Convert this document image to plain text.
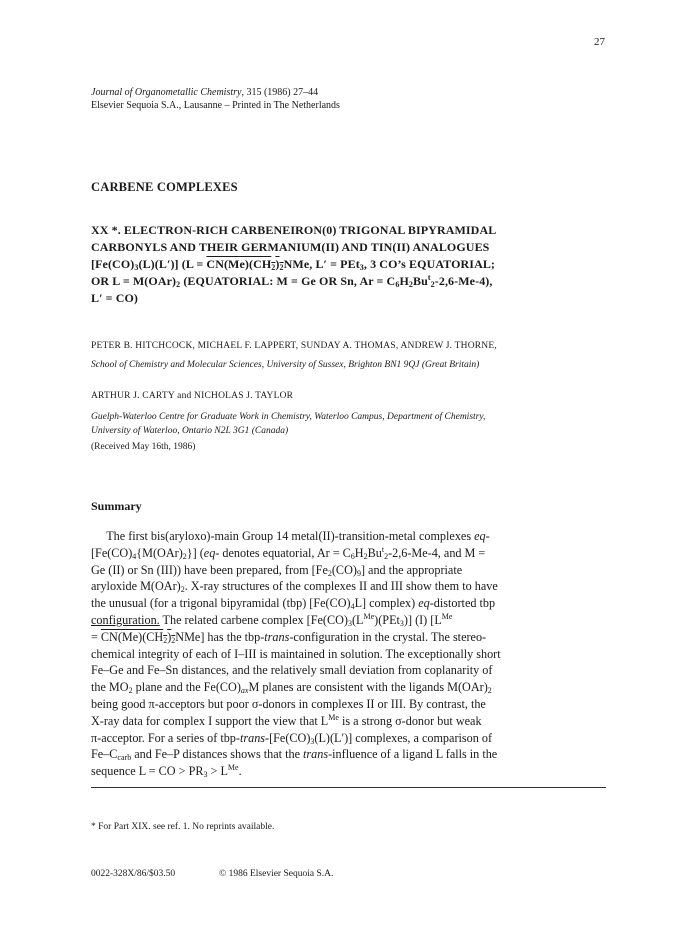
27
Journal of Organometallic Chemistry, 315 (1986) 27–44
Elsevier Sequoia S.A., Lausanne – Printed in The Netherlands
CARBENE COMPLEXES
XX *. ELECTRON-RICH CARBENEIRON(0) TRIGONAL BIPYRAMIDAL
CARBONYLS AND THEIR GERMANIUM(II) AND TIN(II) ANALOGUES
$[Fe(CO)_3(L)(L')] (L = CN(Me)(CH_2)_2NMe$, L′ = PEt$_3$, 3 CO’s EQUATORIAL;
OR $L = M(OAr)_2$ (EQUATORIAL: M = Ge OR Sn, $Ar = C_6H_2Bu^t_2-2,6-Me-4$),
L′ = CO)
PETER B. HITCHCOCK, MICHAEL F. LAPPERT, SUNDAY A. THOMAS, ANDREW J. THORNE,
School of Chemistry and Molecular Sciences, University of Sussex, Brighton BN1 9QJ (Great Britain)
ARTHUR J. CARTY and NICHOLAS J. TAYLOR
Guelph-Waterloo Centre for Graduate Work in Chemistry, Waterloo Campus, Department of Chemistry,
University of Waterloo, Ontario N2L 3G1 (Canada)
(Received May 16th, 1986)
Summary
The first bis(aryloxo)-main Group 14 metal(II)-transition-metal complexes eq-
$[Fe(CO)_4\{M(OAr)_2\}]$ (eq- denotes equatorial, $Ar = C_6H_2Bu^t_2-2,6-Me-4$, and M =
Ge (II) or Sn (III)) have been prepared, from $[Fe_2(CO)_9]$ and the appropriate
aryloxide $M(OAr)_2$. X-ray structures of the complexes II and III show them to have
the unusual (for a trigonal bipyramidal (tbp) $[Fe(CO)_4L]$ complex) eq-distorted tbp
configuration. The related carbene complex $[Fe(CO)_3(L^{Me})(PEt_3)]$ (I) [$L^{Me}$
= $CN(Me)(CH_2)_2NMe$] has the tbp-trans-configuration in the crystal. The stereo-
chemical integrity of each of I–III is maintained in solution. The exceptionally short
Fe–Ge and Fe–Sn distances, and the relatively small deviation from coplanarity of
the $MO_2$ plane and the $Fe(CO)_{ax}M$ planes are consistent with the ligands $M(OAr)_2$
being good π-acceptors but poor σ-donors in complexes II or III. By contrast, the
X-ray data for complex I support the view that $L^{Me}$ is a strong σ-donor but weak
π-acceptor. For a series of tbp-$trans-[Fe(CO)_3(L)(L')]$ complexes, a comparison of
$Fe-C_{carb}$ and Fe–P distances shows that the trans-influence of a ligand L falls in the
sequence L = CO > $PR_3 > L^{Me}$.
* For Part XIX. see ref. 1. No reprints available.
0022-328X/86/$03.50	© 1986 Elsevier Sequoia S.A.
